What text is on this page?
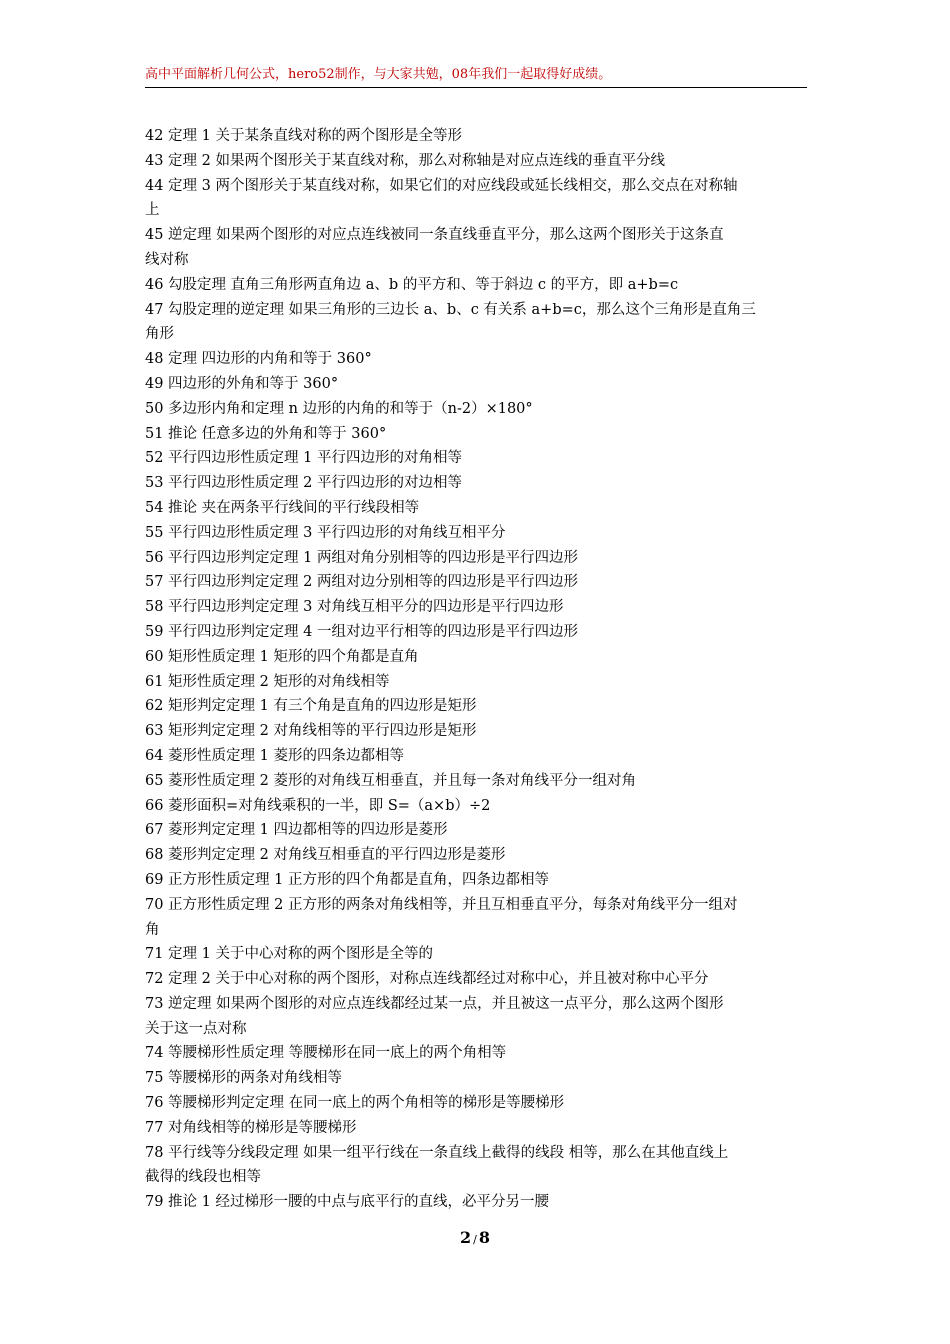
高中平面解析几何公式，hero52制作，与大家共勉，08年我们一起取得好成绩。
42 定理 1 关于某条直线对称的两个图形是全等形
43 定理 2 如果两个图形关于某直线对称，那么对称轴是对应点连线的垂直平分线
44 定理 3 两个图形关于某直线对称，如果它们的对应线段或延长线相交，那么交点在对称轴
上
45 逆定理 如果两个图形的对应点连线被同一条直线垂直平分，那么这两个图形关于这条直
线对称
46 勾股定理 直角三角形两直角边 a、b 的平方和、等于斜边 c 的平方，即 a+b=c
47 勾股定理的逆定理 如果三角形的三边长 a、b、c 有关系 a+b=c，那么这个三角形是直角三
角形
48 定理 四边形的内角和等于 360°
49 四边形的外角和等于 360°
50 多边形内角和定理 n 边形的内角的和等于（n-2）×180°
51 推论 任意多边的外角和等于 360°
52 平行四边形性质定理 1 平行四边形的对角相等
53 平行四边形性质定理 2 平行四边形的对边相等
54 推论 夹在两条平行线间的平行线段相等
55 平行四边形性质定理 3 平行四边形的对角线互相平分
56 平行四边形判定定理 1 两组对角分别相等的四边形是平行四边形
57 平行四边形判定定理 2 两组对边分别相等的四边形是平行四边形
58 平行四边形判定定理 3 对角线互相平分的四边形是平行四边形
59 平行四边形判定定理 4 一组对边平行相等的四边形是平行四边形
60 矩形性质定理 1 矩形的四个角都是直角
61 矩形性质定理 2 矩形的对角线相等
62 矩形判定定理 1 有三个角是直角的四边形是矩形
63 矩形判定定理 2 对角线相等的平行四边形是矩形
64 菱形性质定理 1 菱形的四条边都相等
65 菱形性质定理 2 菱形的对角线互相垂直，并且每一条对角线平分一组对角
66 菱形面积=对角线乘积的一半，即 S=（a×b）÷2
67 菱形判定定理 1 四边都相等的四边形是菱形
68 菱形判定定理 2 对角线互相垂直的平行四边形是菱形
69 正方形性质定理 1 正方形的四个角都是直角，四条边都相等
70 正方形性质定理 2 正方形的两条对角线相等，并且互相垂直平分，每条对角线平分一组对
角
71 定理 1 关于中心对称的两个图形是全等的
72 定理 2 关于中心对称的两个图形，对称点连线都经过对称中心，并且被对称中心平分
73 逆定理 如果两个图形的对应点连线都经过某一点，并且被这一点平分，那么这两个图形
关于这一点对称
74 等腰梯形性质定理 等腰梯形在同一底上的两个角相等
75 等腰梯形的两条对角线相等
76 等腰梯形判定定理 在同一底上的两个角相等的梯形是等腰梯形
77 对角线相等的梯形是等腰梯形
78 平行线等分线段定理 如果一组平行线在一条直线上截得的线段 相等，那么在其他直线上
截得的线段也相等
79 推论 1 经过梯形一腰的中点与底平行的直线，必平分另一腰
2 / 8
